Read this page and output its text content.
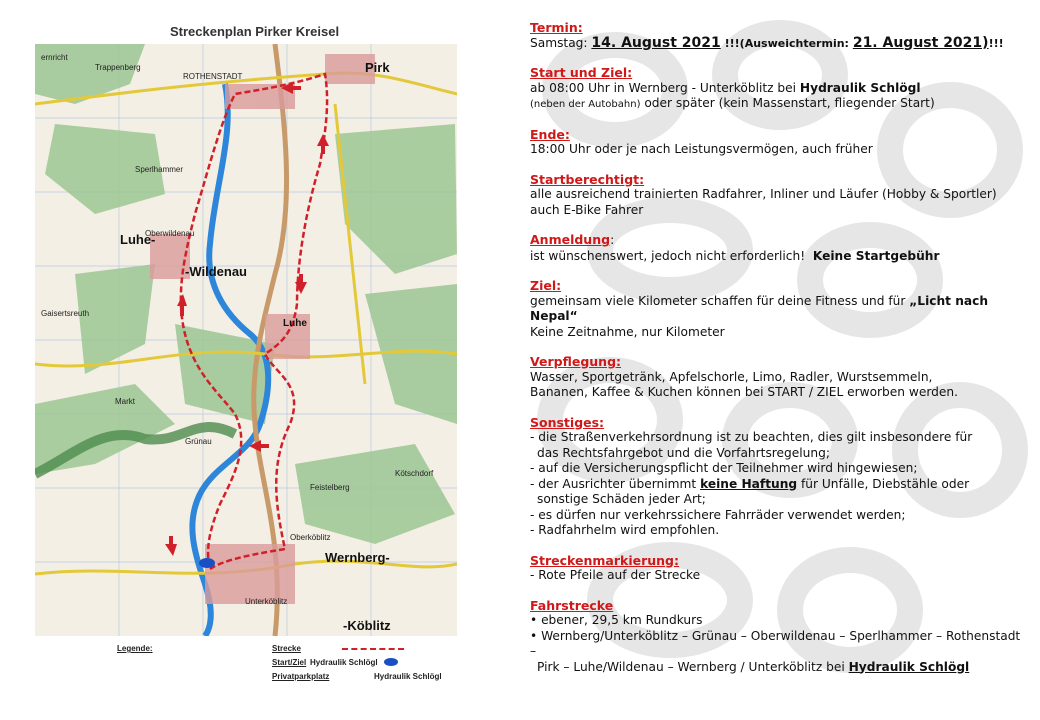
Streckenplan Pirker Kreisel
ernricht
Trappenberg
ROTHENSTADT
Sperlhammer
Oberwildenau
Gaisertsreuth
Markt
Grünau
Feistelberg
Kötschdorf
Oberköblitz
Unterköblitz
Pirk
Luhe-
-Wildenau
Luhe
Wernberg-
-Köblitz
Legende:	Strecke
Start/Ziel Hydraulik Schlögl
Privatparkplatz	Hydraulik Schlögl
Termin:
Samstag: 14. August 2021 !!!(Ausweichtermin: 21. August 2021)!!!
Start und Ziel:
ab 08:00 Uhr in Wernberg - Unterköblitz bei Hydraulik Schlögl
(neben der Autobahn) oder später (kein Massenstart, fliegender Start)
Ende:
18:00 Uhr oder je nach Leistungsvermögen, auch früher
Startberechtigt:
alle ausreichend trainierten Radfahrer, Inliner und Läufer (Hobby & Sportler)
auch E-Bike Fahrer
Anmeldung:
ist wünschenswert, jedoch nicht erforderlich! Keine Startgebühr
Ziel:
gemeinsam viele Kilometer schaffen für deine Fitness und für „Licht nach Nepal“
Keine Zeitnahme, nur Kilometer
Verpflegung:
Wasser, Sportgetränk, Apfelschorle, Limo, Radler, Wurstsemmeln,
Bananen, Kaffee & Kuchen können bei START / ZIEL erworben werden.
Sonstiges:
- die Straßenverkehrsordnung ist zu beachten, dies gilt insbesondere für
das Rechtsfahrgebot und die Vorfahrtsregelung;
- auf die Versicherungspflicht der Teilnehmer wird hingewiesen;
- der Ausrichter übernimmt keine Haftung für Unfälle, Diebstähle oder
sonstige Schäden jeder Art;
- es dürfen nur verkehrssichere Fahrräder verwendet werden;
- Radfahrhelm wird empfohlen.
Streckenmarkierung:
- Rote Pfeile auf der Strecke
Fahrstrecke
• ebener, 29,5 km Rundkurs
• Wernberg/Unterköblitz – Grünau – Oberwildenau – Sperlhammer – Rothenstadt –
Pirk – Luhe/Wildenau – Wernberg / Unterköblitz bei Hydraulik Schlögl
